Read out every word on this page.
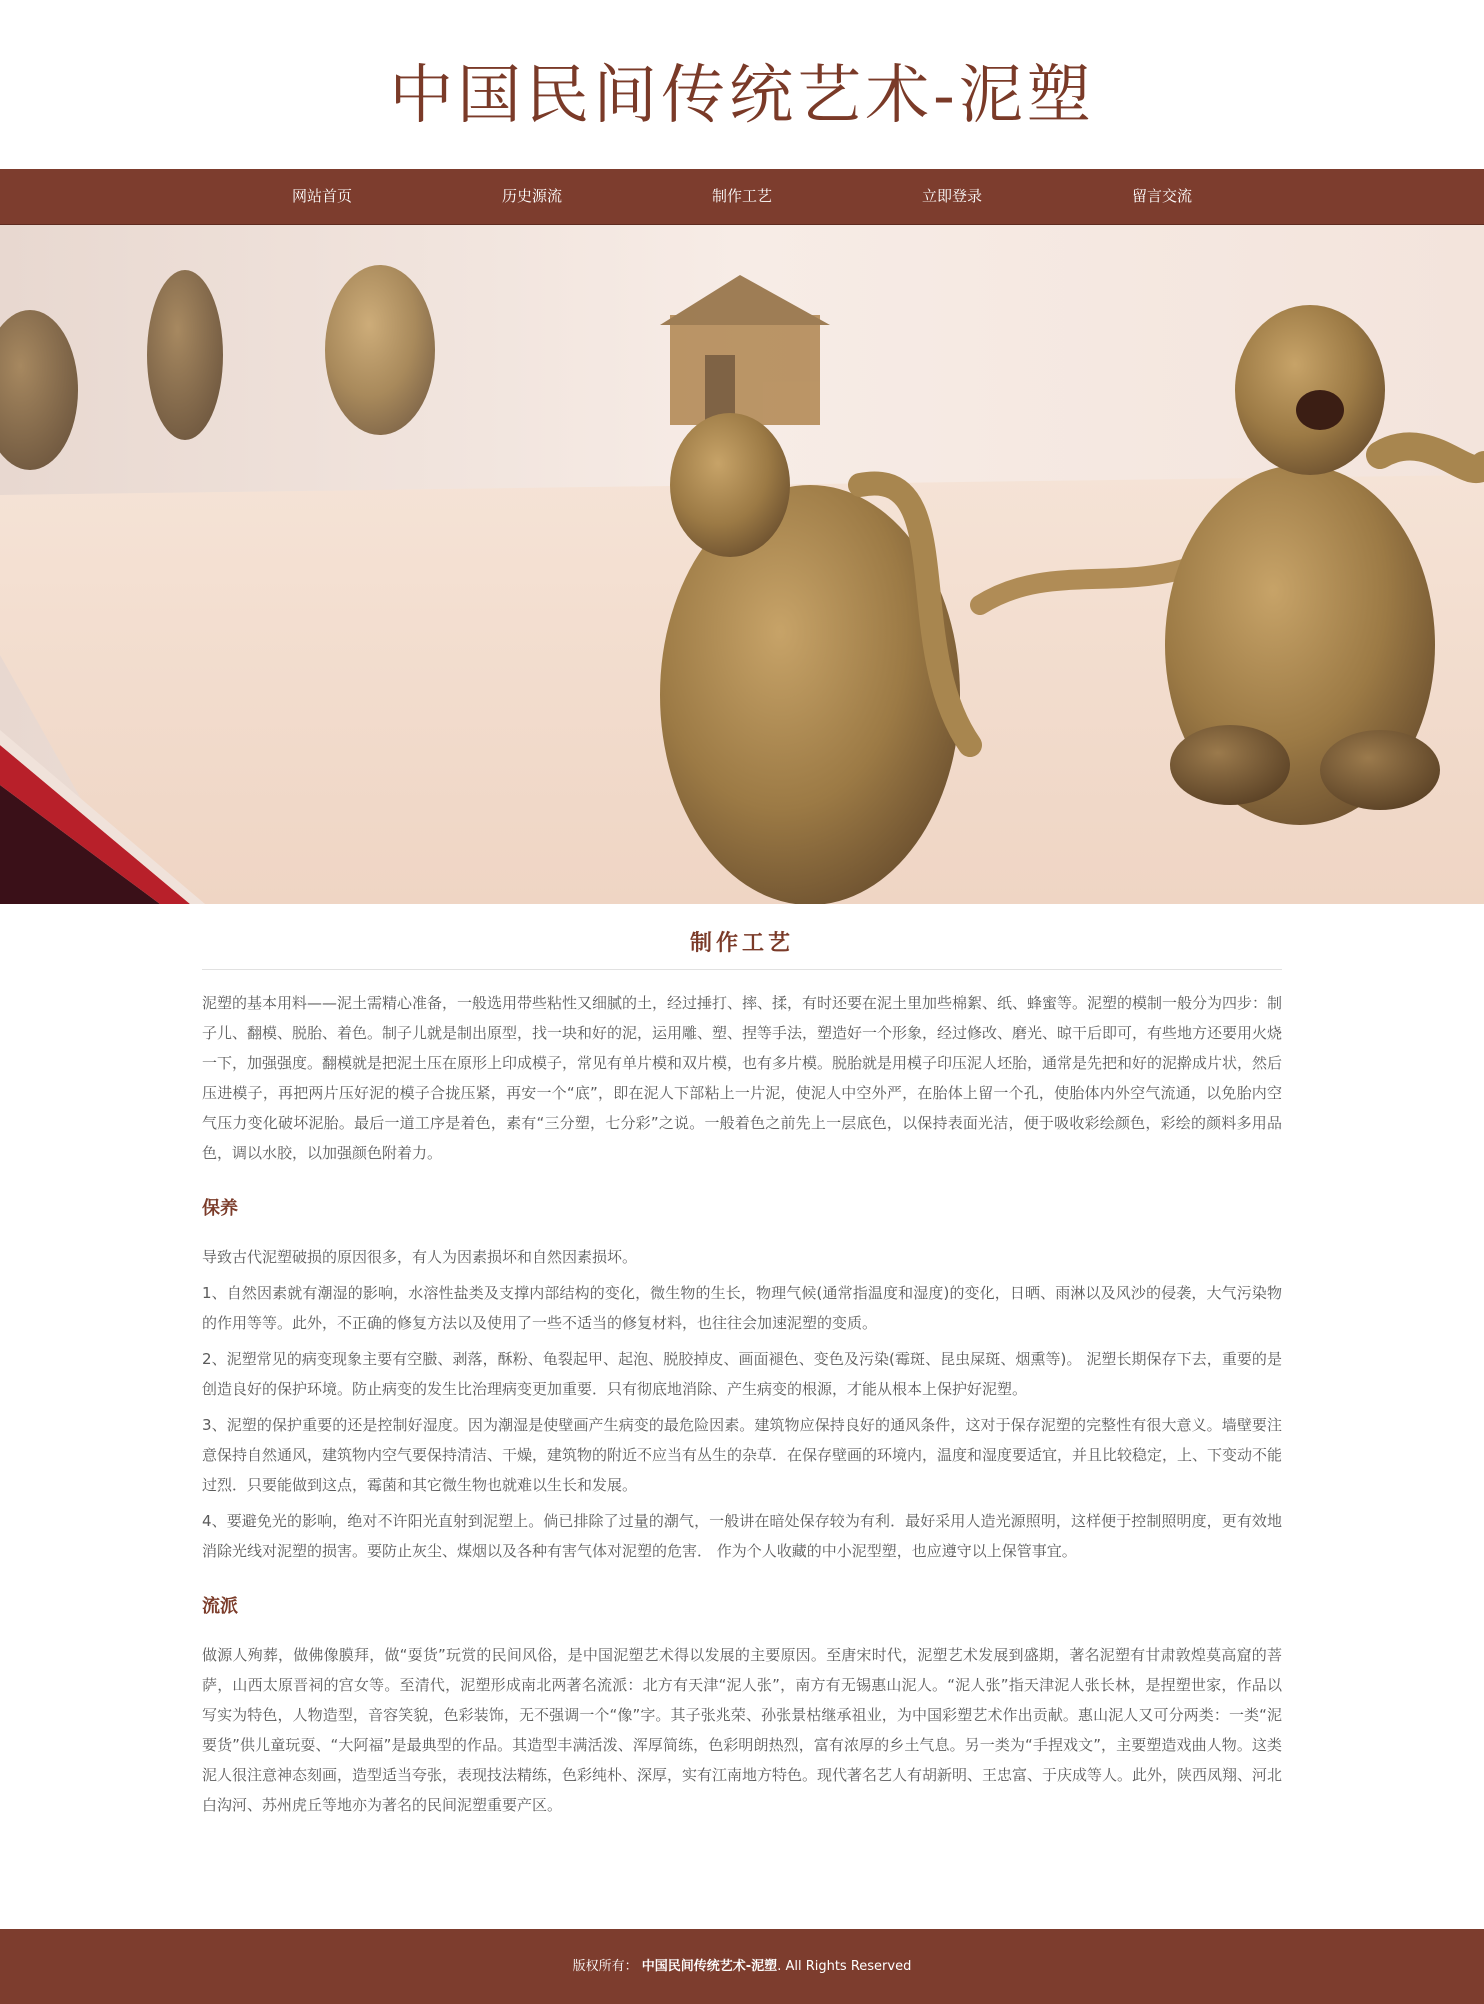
中国民间传统艺术-泥塑
网站首页	历史源流	制作工艺	立即登录	留言交流
制作工艺

泥塑的基本用料——泥土需精心准备，一般选用带些粘性又细腻的土，经过捶打、摔、揉，有时还要在泥土里加些棉絮、纸、蜂蜜等。泥塑的模制一般分为四步：制子儿、翻模、脱胎、着色。制子儿就是制出原型，找一块和好的泥，运用雕、塑、捏等手法，塑造好一个形象，经过修改、磨光、晾干后即可，有些地方还要用火烧一下，加强强度。翻模就是把泥土压在原形上印成模子，常见有单片模和双片模，也有多片模。脱胎就是用模子印压泥人坯胎，通常是先把和好的泥擀成片状，然后压进模子，再把两片压好泥的模子合拢压紧，再安一个“底”，即在泥人下部粘上一片泥，使泥人中空外严，在胎体上留一个孔，使胎体内外空气流通，以免胎内空气压力变化破坏泥胎。最后一道工序是着色，素有“三分塑，七分彩”之说。一般着色之前先上一层底色，以保持表面光洁，便于吸收彩绘颜色，彩绘的颜料多用品色，调以水胶，以加强颜色附着力。

保养

导致古代泥塑破损的原因很多，有人为因素损坏和自然因素损坏。

1、自然因素就有潮湿的影响，水溶性盐类及支撑内部结构的变化，微生物的生长，物理气候(通常指温度和湿度)的变化，日晒、雨淋以及风沙的侵袭，大气污染物的作用等等。此外，不正确的修复方法以及使用了一些不适当的修复材料，也往往会加速泥塑的变质。

2、泥塑常见的病变现象主要有空臌、剥落，酥粉、龟裂起甲、起泡、脱胶掉皮、画面褪色、变色及污染(霉斑、昆虫屎斑、烟熏等)。 泥塑长期保存下去，重要的是创造良好的保护环境。防止病变的发生比治理病变更加重要．只有彻底地消除、产生病变的根源，才能从根本上保护好泥塑。

3、泥塑的保护重要的还是控制好湿度。因为潮湿是使壁画产生病变的最危险因素。建筑物应保持良好的通风条件，这对于保存泥塑的完整性有很大意义。墙壁要注意保持自然通风，建筑物内空气要保持清洁、干燥，建筑物的附近不应当有丛生的杂草．在保存壁画的环境内，温度和湿度要适宜，并且比较稳定，上、下变动不能过烈．只要能做到这点，霉菌和其它微生物也就难以生长和发展。

4、要避免光的影响，绝对不许阳光直射到泥塑上。倘已排除了过量的潮气，一般讲在暗处保存较为有利．最好采用人造光源照明，这样便于控制照明度，更有效地消除光线对泥塑的损害。要防止灰尘、煤烟以及各种有害气体对泥塑的危害． 作为个人收藏的中小泥型塑，也应遵守以上保管事宜。

流派

做源人殉葬，做佛像膜拜，做“耍货”玩赏的民间风俗，是中国泥塑艺术得以发展的主要原因。至唐宋时代，泥塑艺术发展到盛期，著名泥塑有甘肃敦煌莫高窟的菩萨，山西太原晋祠的宫女等。至清代，泥塑形成南北两著名流派：北方有天津“泥人张”，南方有无锡惠山泥人。“泥人张”指天津泥人张长林，是捏塑世家，作品以写实为特色，人物造型，音容笑貌，色彩装饰，无不强调一个“像”字。其子张兆荣、孙张景枯继承祖业，为中国彩塑艺术作出贡献。惠山泥人又可分两类：一类“泥要货”供儿童玩耍、“大阿福”是最典型的作品。其造型丰满活泼、浑厚简练，色彩明朗热烈，富有浓厚的乡土气息。另一类为“手捏戏文”，主要塑造戏曲人物。这类泥人很注意神态刻画，造型适当夸张，表现技法精练，色彩纯朴、深厚，实有江南地方特色。现代著名艺人有胡新明、王忠富、于庆成等人。此外，陕西凤翔、河北白沟河、苏州虎丘等地亦为著名的民间泥塑重要产区。

版权所有： 中国民间传统艺术-泥塑. All Rights Reserved
